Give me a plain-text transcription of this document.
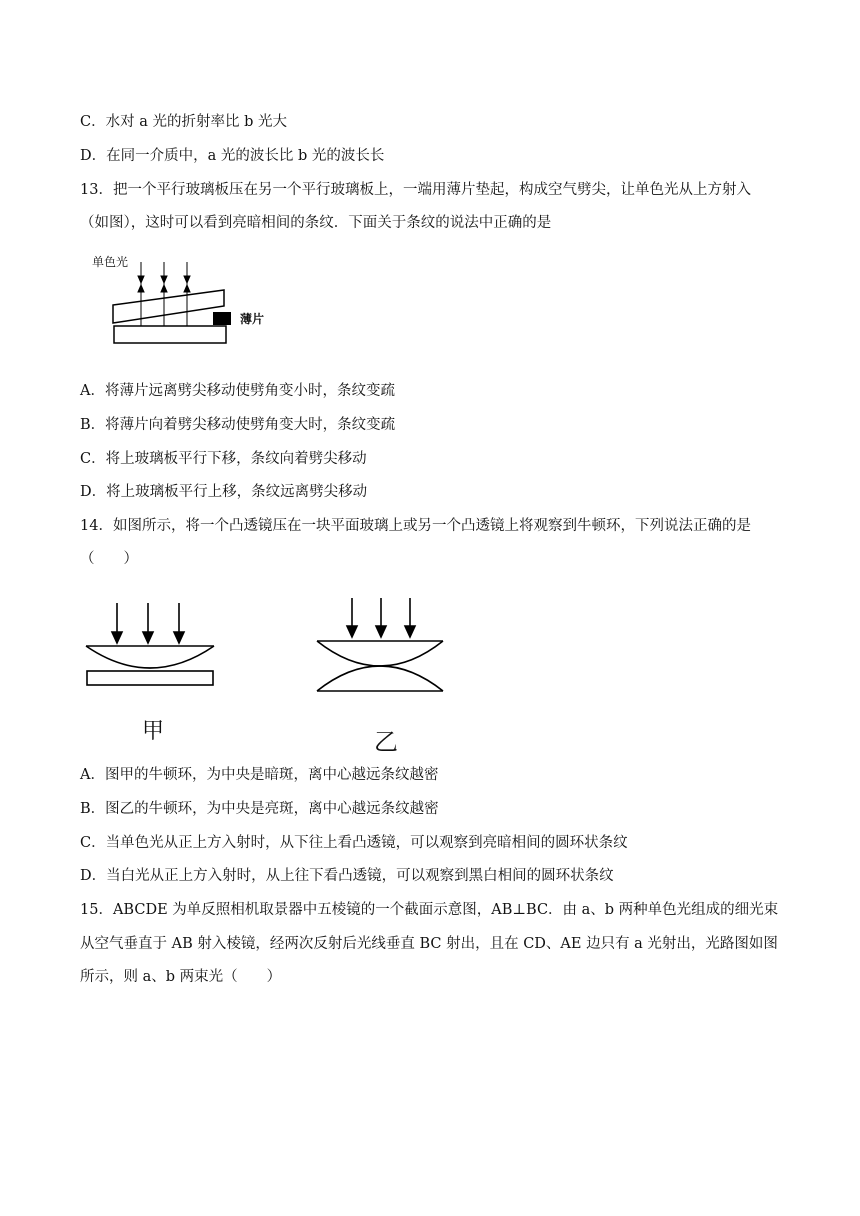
C．水对 a 光的折射率比 b 光大
D．在同一介质中，a 光的波长比 b 光的波长长
13．把一个平行玻璃板压在另一个平行玻璃板上，一端用薄片垫起，构成空气劈尖，让单色光从上方射入
（如图），这时可以看到亮暗相间的条纹．下面关于条纹的说法中正确的是
单色光
薄片
A．将薄片远离劈尖移动使劈角变小时，条纹变疏
B．将薄片向着劈尖移动使劈角变大时，条纹变疏
C．将上玻璃板平行下移，条纹向着劈尖移动
D．将上玻璃板平行上移，条纹远离劈尖移动
14．如图所示，将一个凸透镜压在一块平面玻璃上或另一个凸透镜上将观察到牛顿环，下列说法正确的是
（　　）
甲	乙
A．图甲的牛顿环，为中央是暗斑，离中心越远条纹越密
B．图乙的牛顿环，为中央是亮斑，离中心越远条纹越密
C．当单色光从正上方入射时，从下往上看凸透镜，可以观察到亮暗相间的圆环状条纹
D．当白光从正上方入射时，从上往下看凸透镜，可以观察到黑白相间的圆环状条纹
15．ABCDE 为单反照相机取景器中五棱镜的一个截面示意图，AB⊥BC．由 a、b 两种单色光组成的细光束
从空气垂直于 AB 射入棱镜，经两次反射后光线垂直 BC 射出，且在 CD、AE 边只有 a 光射出，光路图如图
所示，则 a、b 两束光（　　）
